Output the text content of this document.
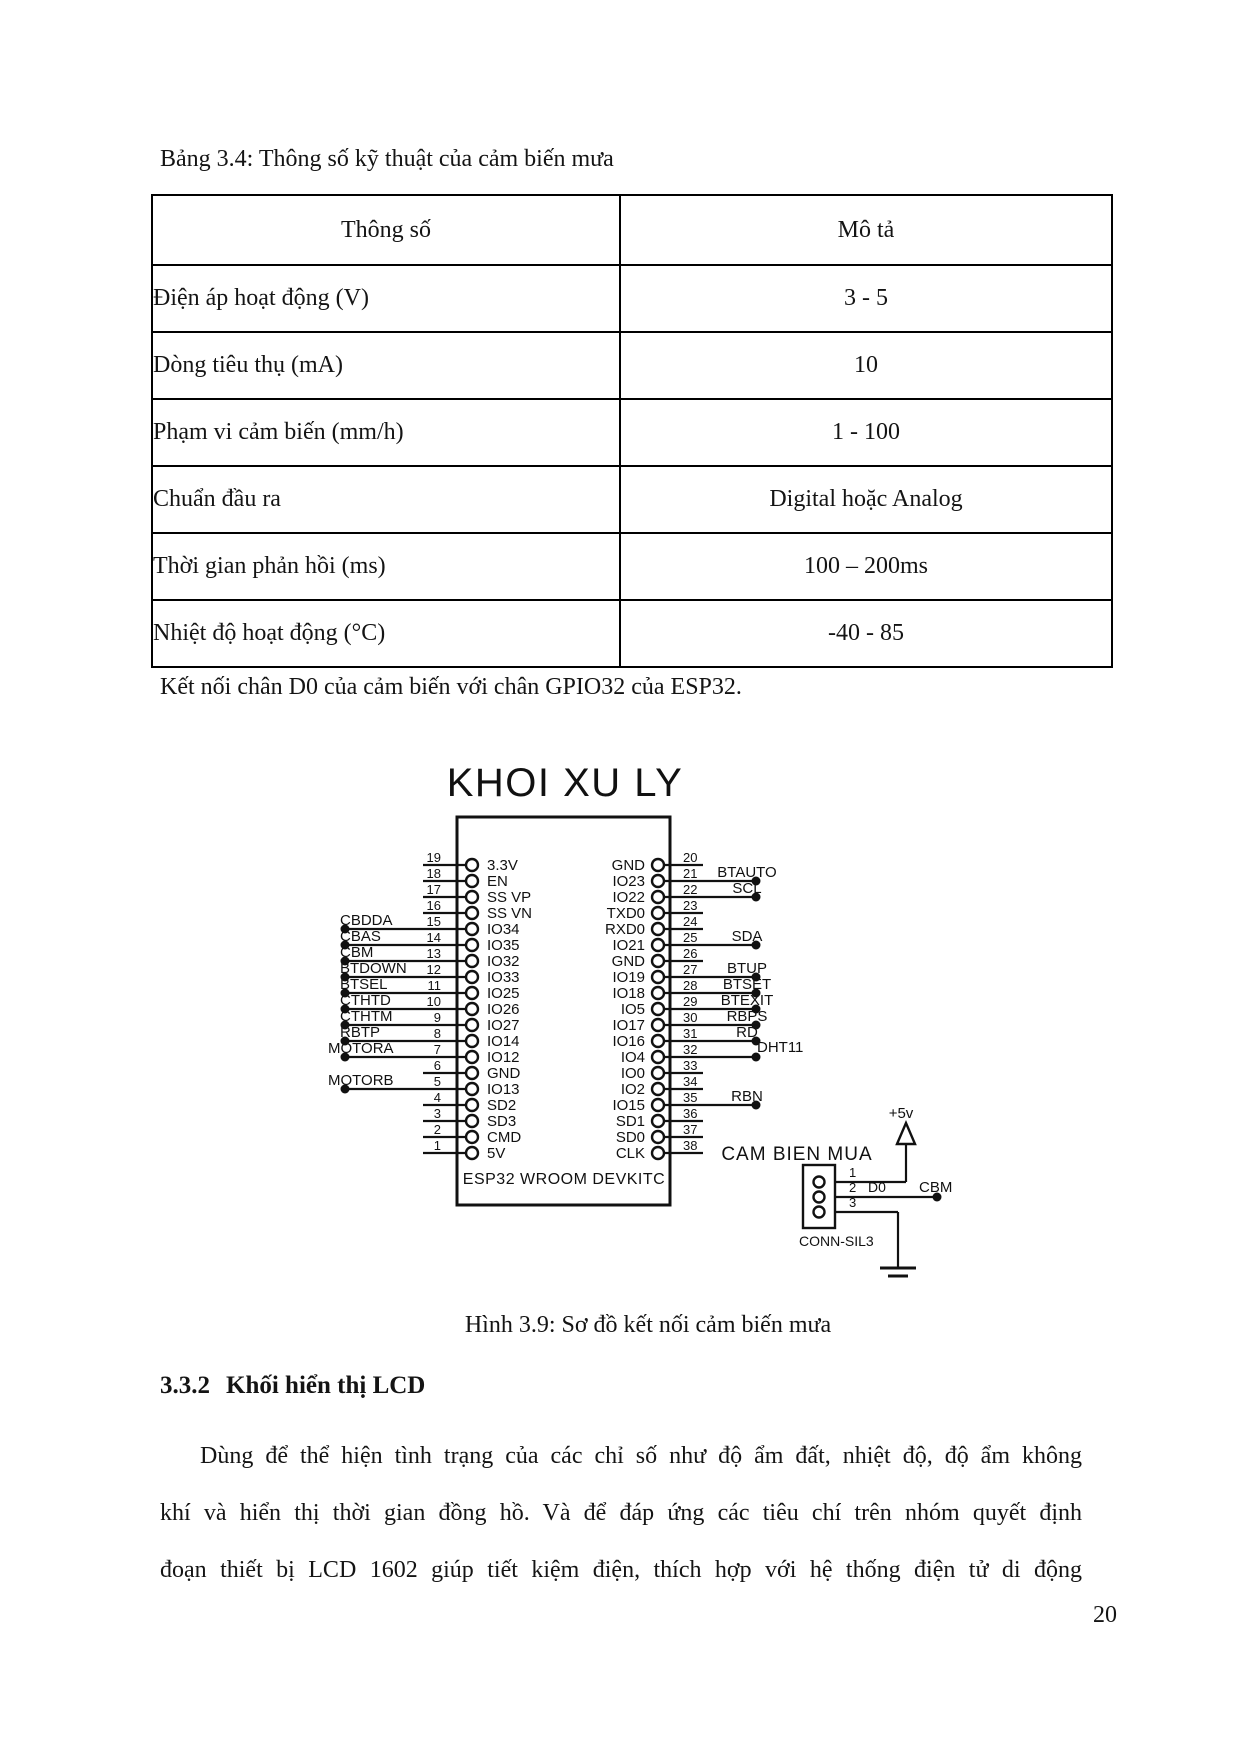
Bảng 3.4: Thông số kỹ thuật của cảm biến mưa
Thông số	Mô tả
Điện áp hoạt động (V)	3 - 5
Dòng tiêu thụ (mA)	10
Phạm vi cảm biến (mm/h)	1 - 100
Chuẩn đầu ra	Digital hoặc Analog
Thời gian phản hồi (ms)	100 – 200ms
Nhiệt độ hoạt động (°C)	-40 - 85
Kết nối chân D0 của cảm biến với chân GPIO32 của ESP32.
KHOI XU LY
ESP32 WROOM DEVKITC
19	3.3V
18	EN
17	SS VP
16	SS VN
CBDDA	15	IO34
CBAS	14	IO35
CBM	13	IO32
BTDOWN 12	IO33
BTSEL	11	IO25
CTHTD	10	IO26
CTHTM	9	IO27
RBTP	8	IO14
MOTORA	7	IO12
6	GND
MOTORB	5	IO13
4	SD2
3	SD3
2	CMD
1	5V
20
GND	BTAUTO
21
IO23	SCL
22
IO22	23
TXD0	24
RXD0	SDA
25
IO21	26
GND	BTUP
27
IO19	BTSET
28
IO18	BTEXIT
29
IO5	RBPS
30
IO17	RD
31
IO16	DHT11
32
IO4	33
IO0	34
IO2	RBN
35
IO15	36
SD1	37
SD0	38
CLK	CAM BIEN MUA
+5v
1
2 D0 CBM
3
CONN-SIL3
Hình 3.9: Sơ đồ kết nối cảm biến mưa
3.3.2 Khối hiển thị LCD
Dùng để thể hiện tình trạng của các chỉ số như độ ẩm đất, nhiệt độ, độ ẩm không
khí và hiển thị thời gian đồng hồ. Và để đáp ứng các tiêu chí trên nhóm quyết định
đoạn thiết bị LCD 1602 giúp tiết kiệm điện, thích hợp với hệ thống điện tử di động
20
